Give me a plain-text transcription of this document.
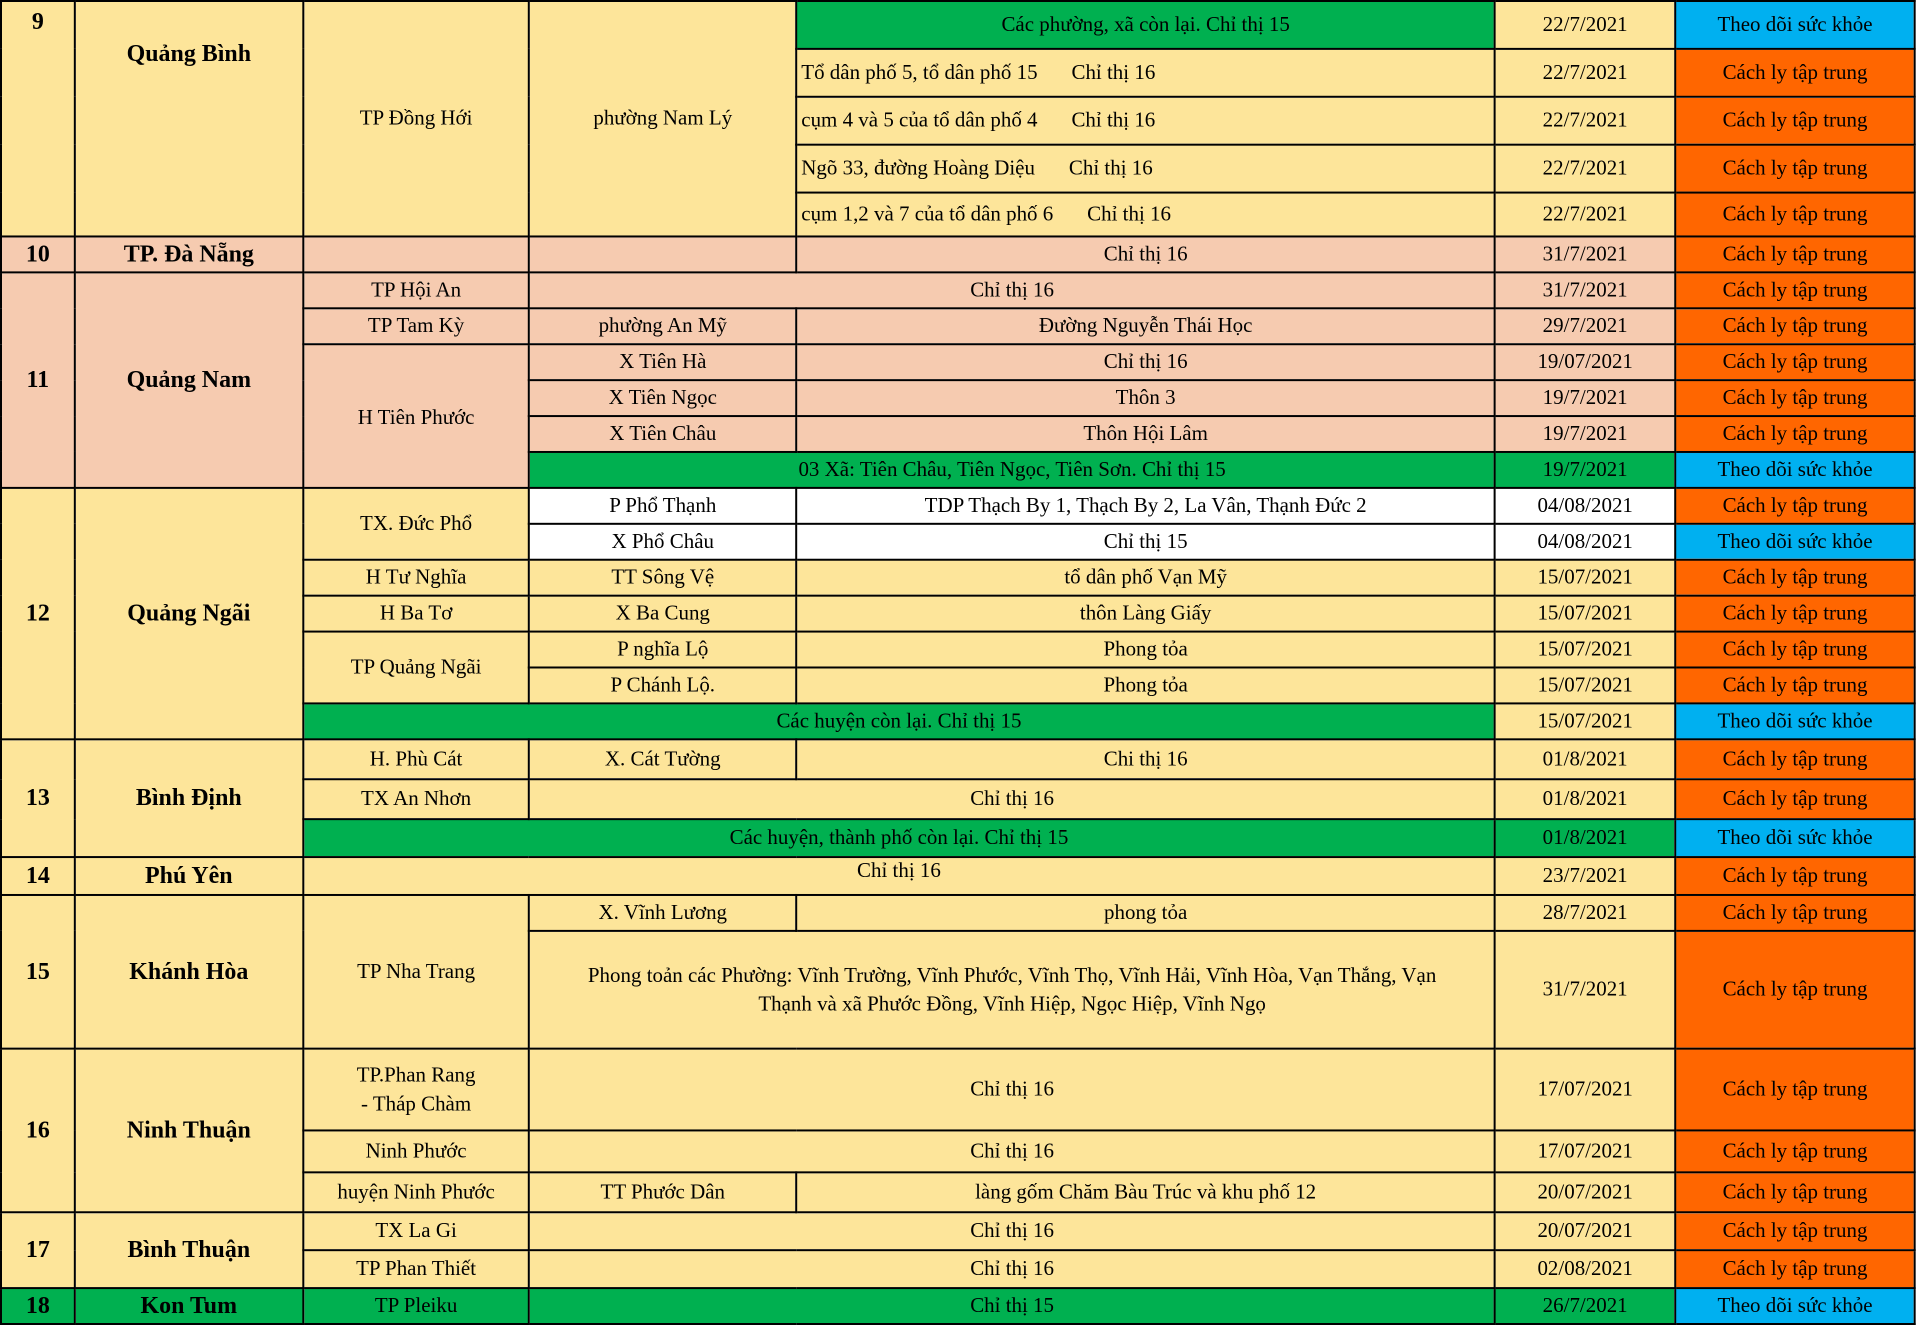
9	Quảng Bình	TP Đồng Hới	phường Nam Lý	Các phường, xã còn lại. Chỉ thị 15	22/7/2021	Theo dõi sức khỏe
				Tổ dân phố 5, tổ dân phố 15 Chỉ thị 16	22/7/2021	Cách ly tập trung
				cụm 4 và 5 của tổ dân phố 4 Chỉ thị 16	22/7/2021	Cách ly tập trung
				Ngõ 33, đường Hoàng Diệu Chỉ thị 16	22/7/2021	Cách ly tập trung
				cụm 1,2 và 7 của tổ dân phố 6 Chỉ thị 16	22/7/2021	Cách ly tập trung
10	TP. Đà Nẵng			Chỉ thị 16	31/7/2021	Cách ly tập trung
11	Quảng Nam	TP Hội An	Chỉ thị 16		31/7/2021	Cách ly tập trung
		TP Tam Kỳ	phường An Mỹ	Đường Nguyễn Thái Học	29/7/2021	Cách ly tập trung
		H Tiên Phước	X Tiên Hà	Chỉ thị 16	19/07/2021	Cách ly tập trung
			X Tiên Ngọc	Thôn 3	19/7/2021	Cách ly tập trung
			X Tiên Châu	Thôn Hội Lâm	19/7/2021	Cách ly tập trung
			03 Xã: Tiên Châu, Tiên Ngọc, Tiên Sơn. Chỉ thị 15		19/7/2021	Theo dõi sức khỏe
12	Quảng Ngãi	TX. Đức Phổ	P Phổ Thạnh	TDP Thạch By 1, Thạch By 2, La Vân, Thạnh Đức 2	04/08/2021	Cách ly tập trung
			X Phổ Châu	Chỉ thị 15	04/08/2021	Theo dõi sức khỏe
		H Tư Nghĩa	TT Sông Vệ	tổ dân phố Vạn Mỹ	15/07/2021	Cách ly tập trung
		H Ba Tơ	X Ba Cung	thôn Làng Giấy	15/07/2021	Cách ly tập trung
		TP Quảng Ngãi	P nghĩa Lộ	Phong tỏa	15/07/2021	Cách ly tập trung
			P Chánh Lộ.	Phong tỏa	15/07/2021	Cách ly tập trung
		Các huyện còn lại. Chỉ thị 15			15/07/2021	Theo dõi sức khỏe
13	Bình Định	H. Phù Cát	X. Cát Tường	Chi thị 16	01/8/2021	Cách ly tập trung
		TX An Nhơn	Chỉ thị 16		01/8/2021	Cách ly tập trung
		Các huyện, thành phố còn lại. Chỉ thị 15			01/8/2021	Theo dõi sức khỏe
14	Phú Yên	Chỉ thị 16			23/7/2021	Cách ly tập trung
15	Khánh Hòa	TP Nha Trang	X. Vĩnh Lương	phong tỏa	28/7/2021	Cách ly tập trung
			Phong toản các Phường: Vĩnh Trường, Vĩnh Phước, Vĩnh Thọ, Vĩnh Hải, Vĩnh Hòa, Vạn Thắng, Vạn Thạnh và xã Phước Đồng, Vĩnh Hiệp, Ngọc Hiệp, Vĩnh Ngọ		31/7/2021	Cách ly tập trung
16	Ninh Thuận	TP.Phan Rang
- Tháp Chàm	Chỉ thị 16		17/07/2021	Cách ly tập trung
		Ninh Phước	Chỉ thị 16		17/07/2021	Cách ly tập trung
		huyện Ninh Phước	TT Phước Dân	làng gốm Chăm Bàu Trúc và khu phố 12	20/07/2021	Cách ly tập trung
17	Bình Thuận	TX La Gi	Chỉ thị 16		20/07/2021	Cách ly tập trung
		TP Phan Thiết	Chỉ thị 16		02/08/2021	Cách ly tập trung
18	Kon Tum	TP Pleiku	Chỉ thị 15		26/7/2021	Theo dõi sức khỏe
